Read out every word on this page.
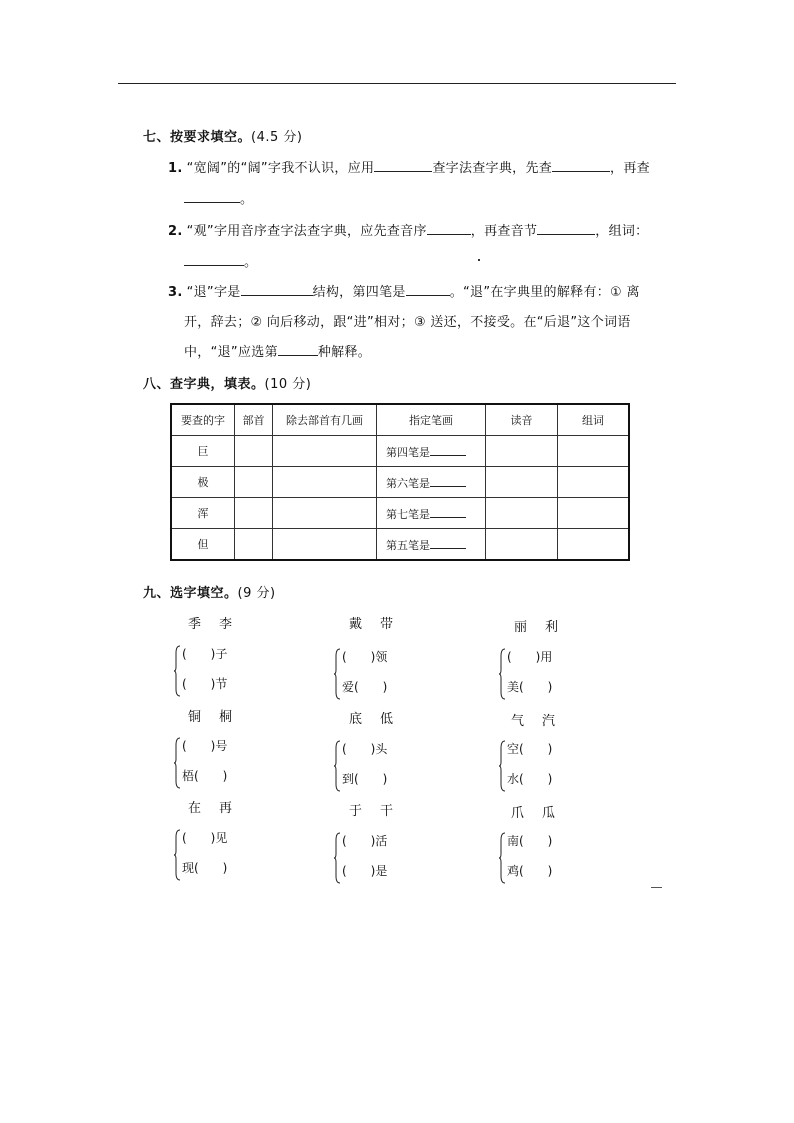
七、按要求填空。(4.5 分)
1. “宽阔”的“阔”字我不认识，应用	查字法查字典，先查	，再查
。
2. “观”字用音序查字法查字典，应先查音序	，再查音节	，组词：
。
3. “退”字是	结构，第四笔是	。“退”在字典里的解释有：① 离
开，辞去；② 向后移动，跟“进”相对；③ 送还，不接受。在“后退”这个词语
中，“退”应选第	种解释。
八、查字典，填表。(10 分)
要查的字	部首	除去部首有几画	指定笔画	读音	组词
巨			第四笔是		
极			第六笔是		
浑			第七笔是		
但			第五笔是		
九、选字填空。(9 分)
季李
(　　)子
(　　)节
戴带
(　　)领
爱(　　)
丽利
(　　)用
美(　　)
铜桐
(　　)号
梧(　　)
底低
(　　)头
到(　　)
气汽
空(　　)
水(　　)
在再
(　　)见
现(　　)
于干
(　　)活
(　　)是
爪瓜
南(　　)
鸡(　　)
